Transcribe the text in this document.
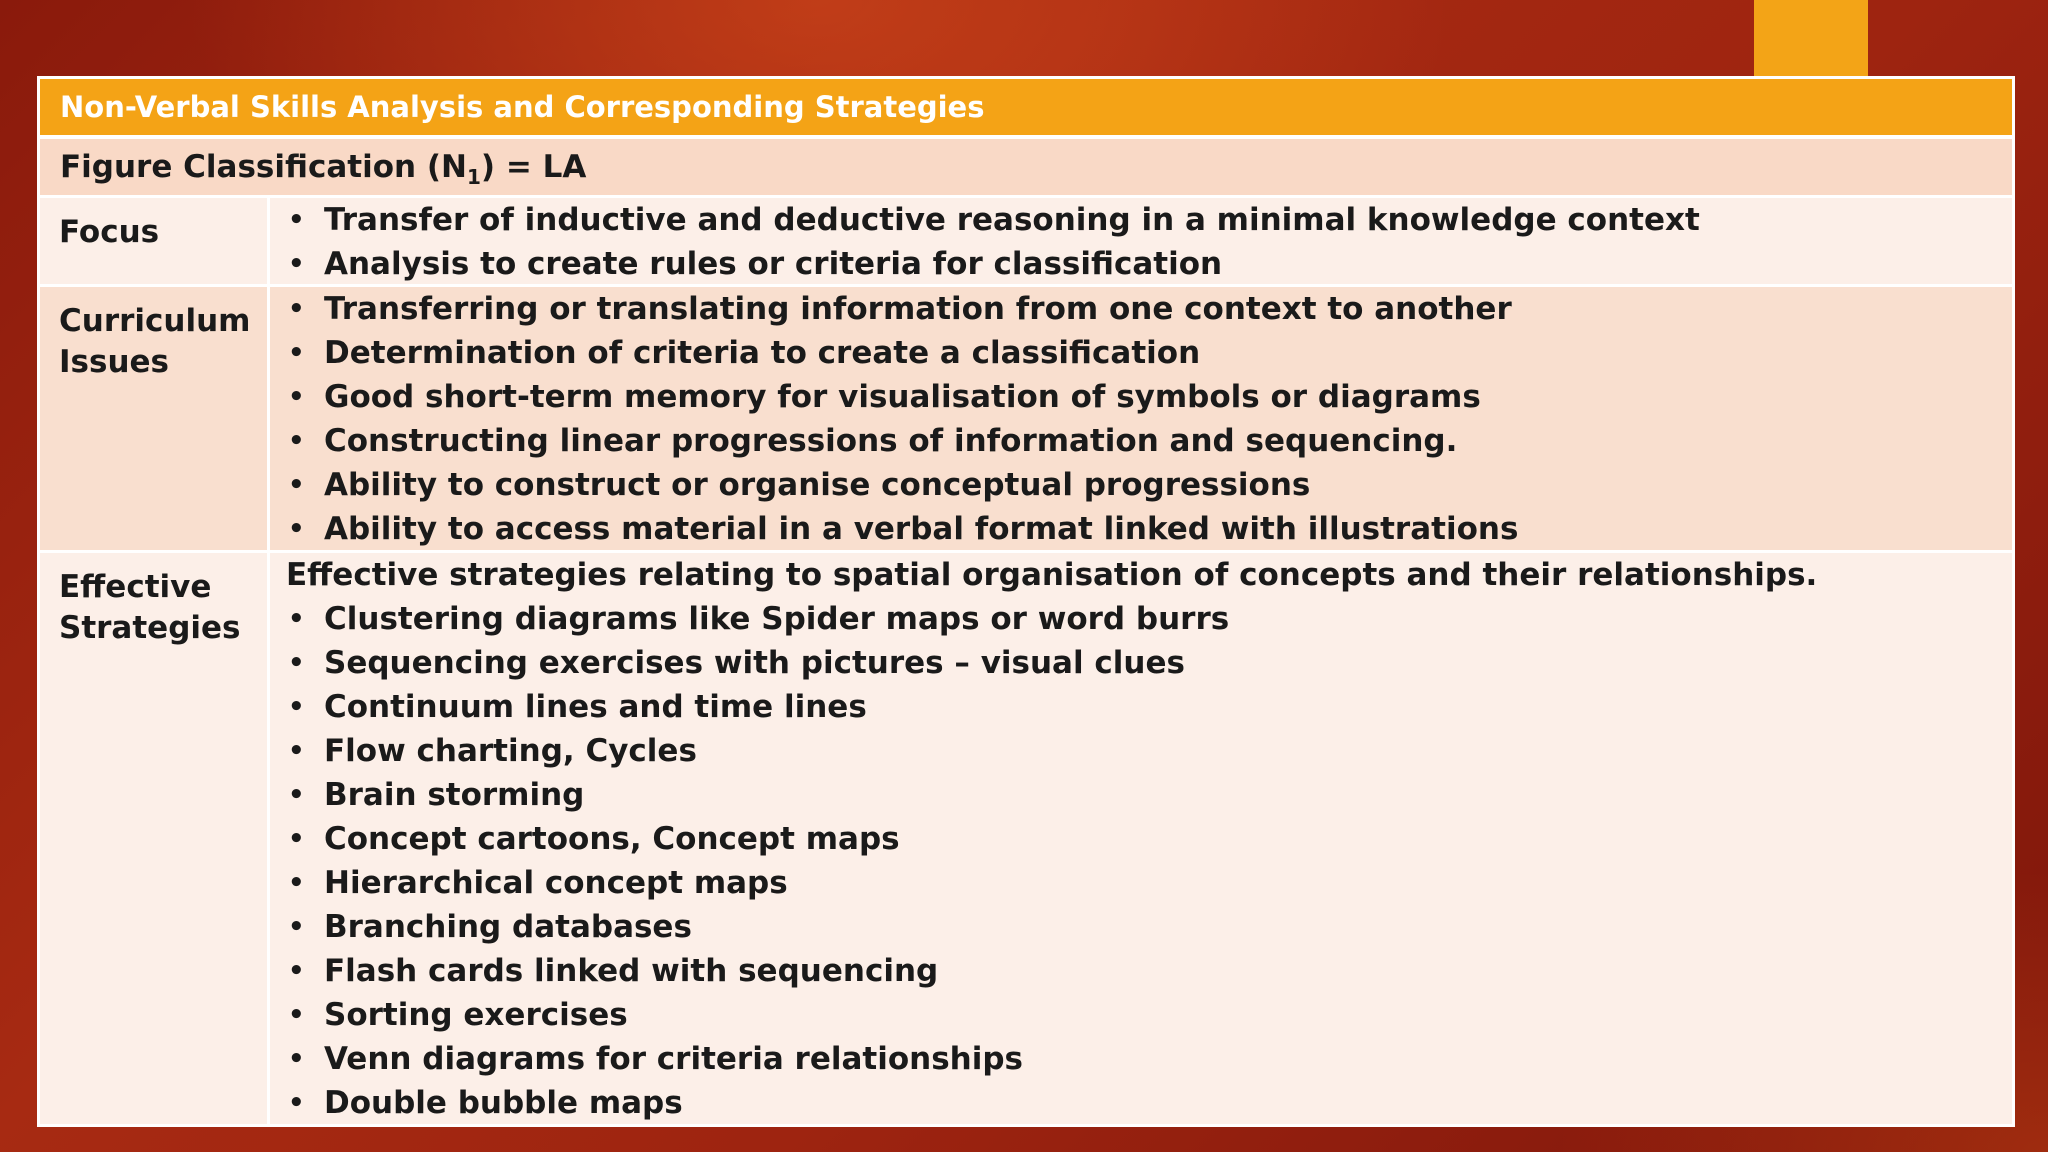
Non-Verbal Skills Analysis and Corresponding Strategies
Figure Classification $(N_1)$ = LA
Focus
•	Transfer of inductive and deductive reasoning in a minimal knowledge context
• Analysis to create rules or criteria for classification
Curriculum Issues
• Transferring or translating information from one context to another
• Determination of criteria to create a classification
• Good short-term memory for visualisation of symbols or diagrams
• Constructing linear progressions of information and sequencing.
• Ability to construct or organise conceptual progressions
• Ability to access material in a verbal format linked with illustrations
Effective Strategies
Effective strategies relating to spatial organisation of concepts and their relationships.
• Clustering diagrams like Spider maps or word burrs
• Sequencing exercises with pictures – visual clues
• Continuum lines and time lines
• Flow charting, Cycles
• Brain storming
• Concept cartoons, Concept maps
• Hierarchical concept maps
• Branching databases
• Flash cards linked with sequencing
• Sorting exercises
• Venn diagrams for criteria relationships
• Double bubble maps
